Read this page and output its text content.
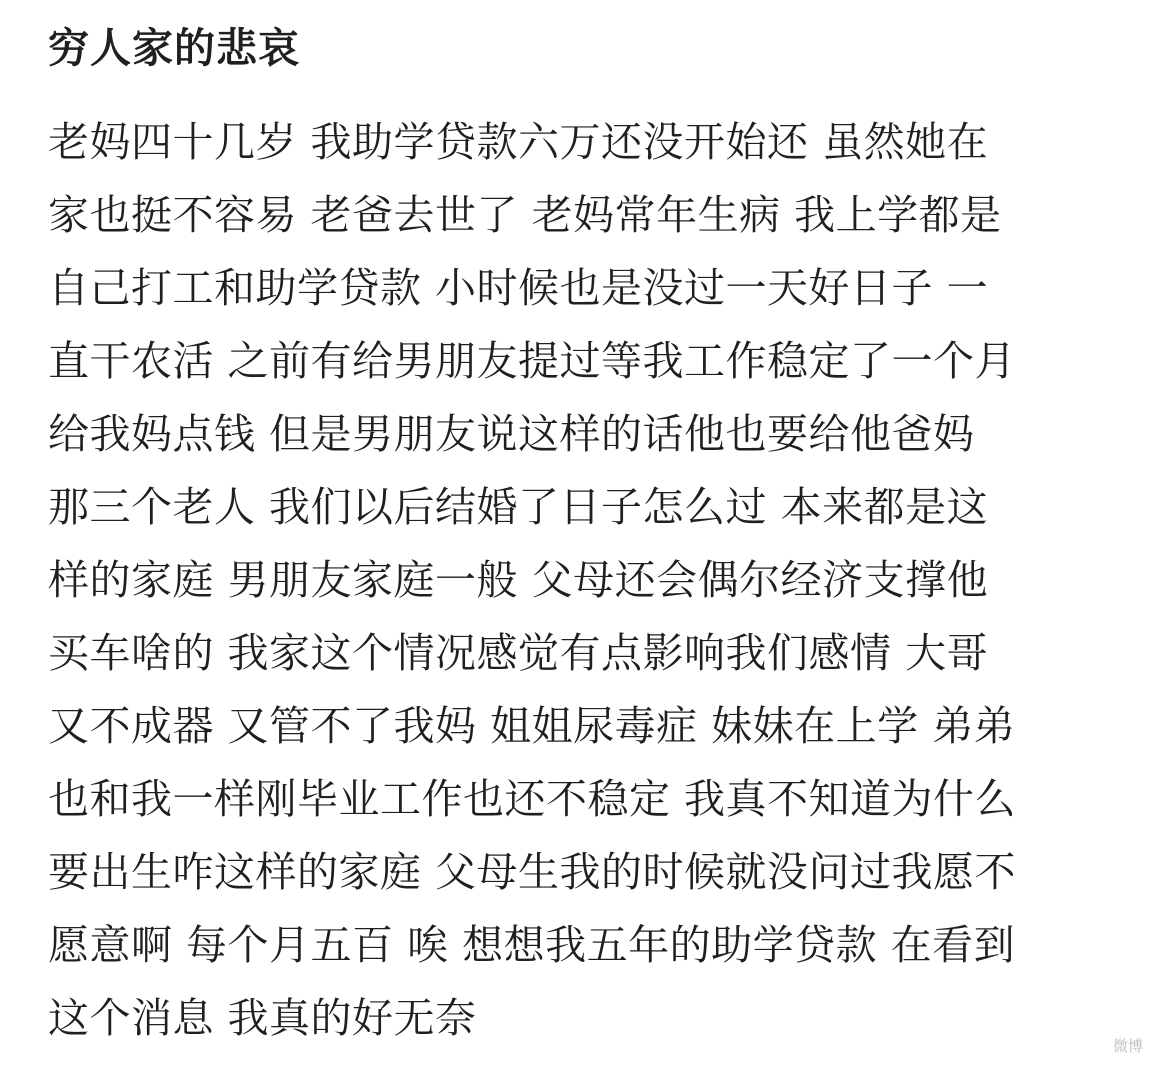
穷人家的悲哀
老妈四十几岁 我助学贷款六万还没开始还 虽然她在
家也挺不容易 老爸去世了 老妈常年生病 我上学都是
自己打工和助学贷款 小时候也是没过一天好日子 一
直干农活 之前有给男朋友提过等我工作稳定了一个月
给我妈点钱 但是男朋友说这样的话他也要给他爸妈
那三个老人 我们以后结婚了日子怎么过 本来都是这
样的家庭 男朋友家庭一般 父母还会偶尔经济支撑他
买车啥的 我家这个情况感觉有点影响我们感情 大哥
又不成器 又管不了我妈 姐姐尿毒症 妹妹在上学 弟弟
也和我一样刚毕业工作也还不稳定 我真不知道为什么
要出生咋这样的家庭 父母生我的时候就没问过我愿不
愿意啊 每个月五百 唉 想想我五年的助学贷款 在看到
这个消息 我真的好无奈
微博
